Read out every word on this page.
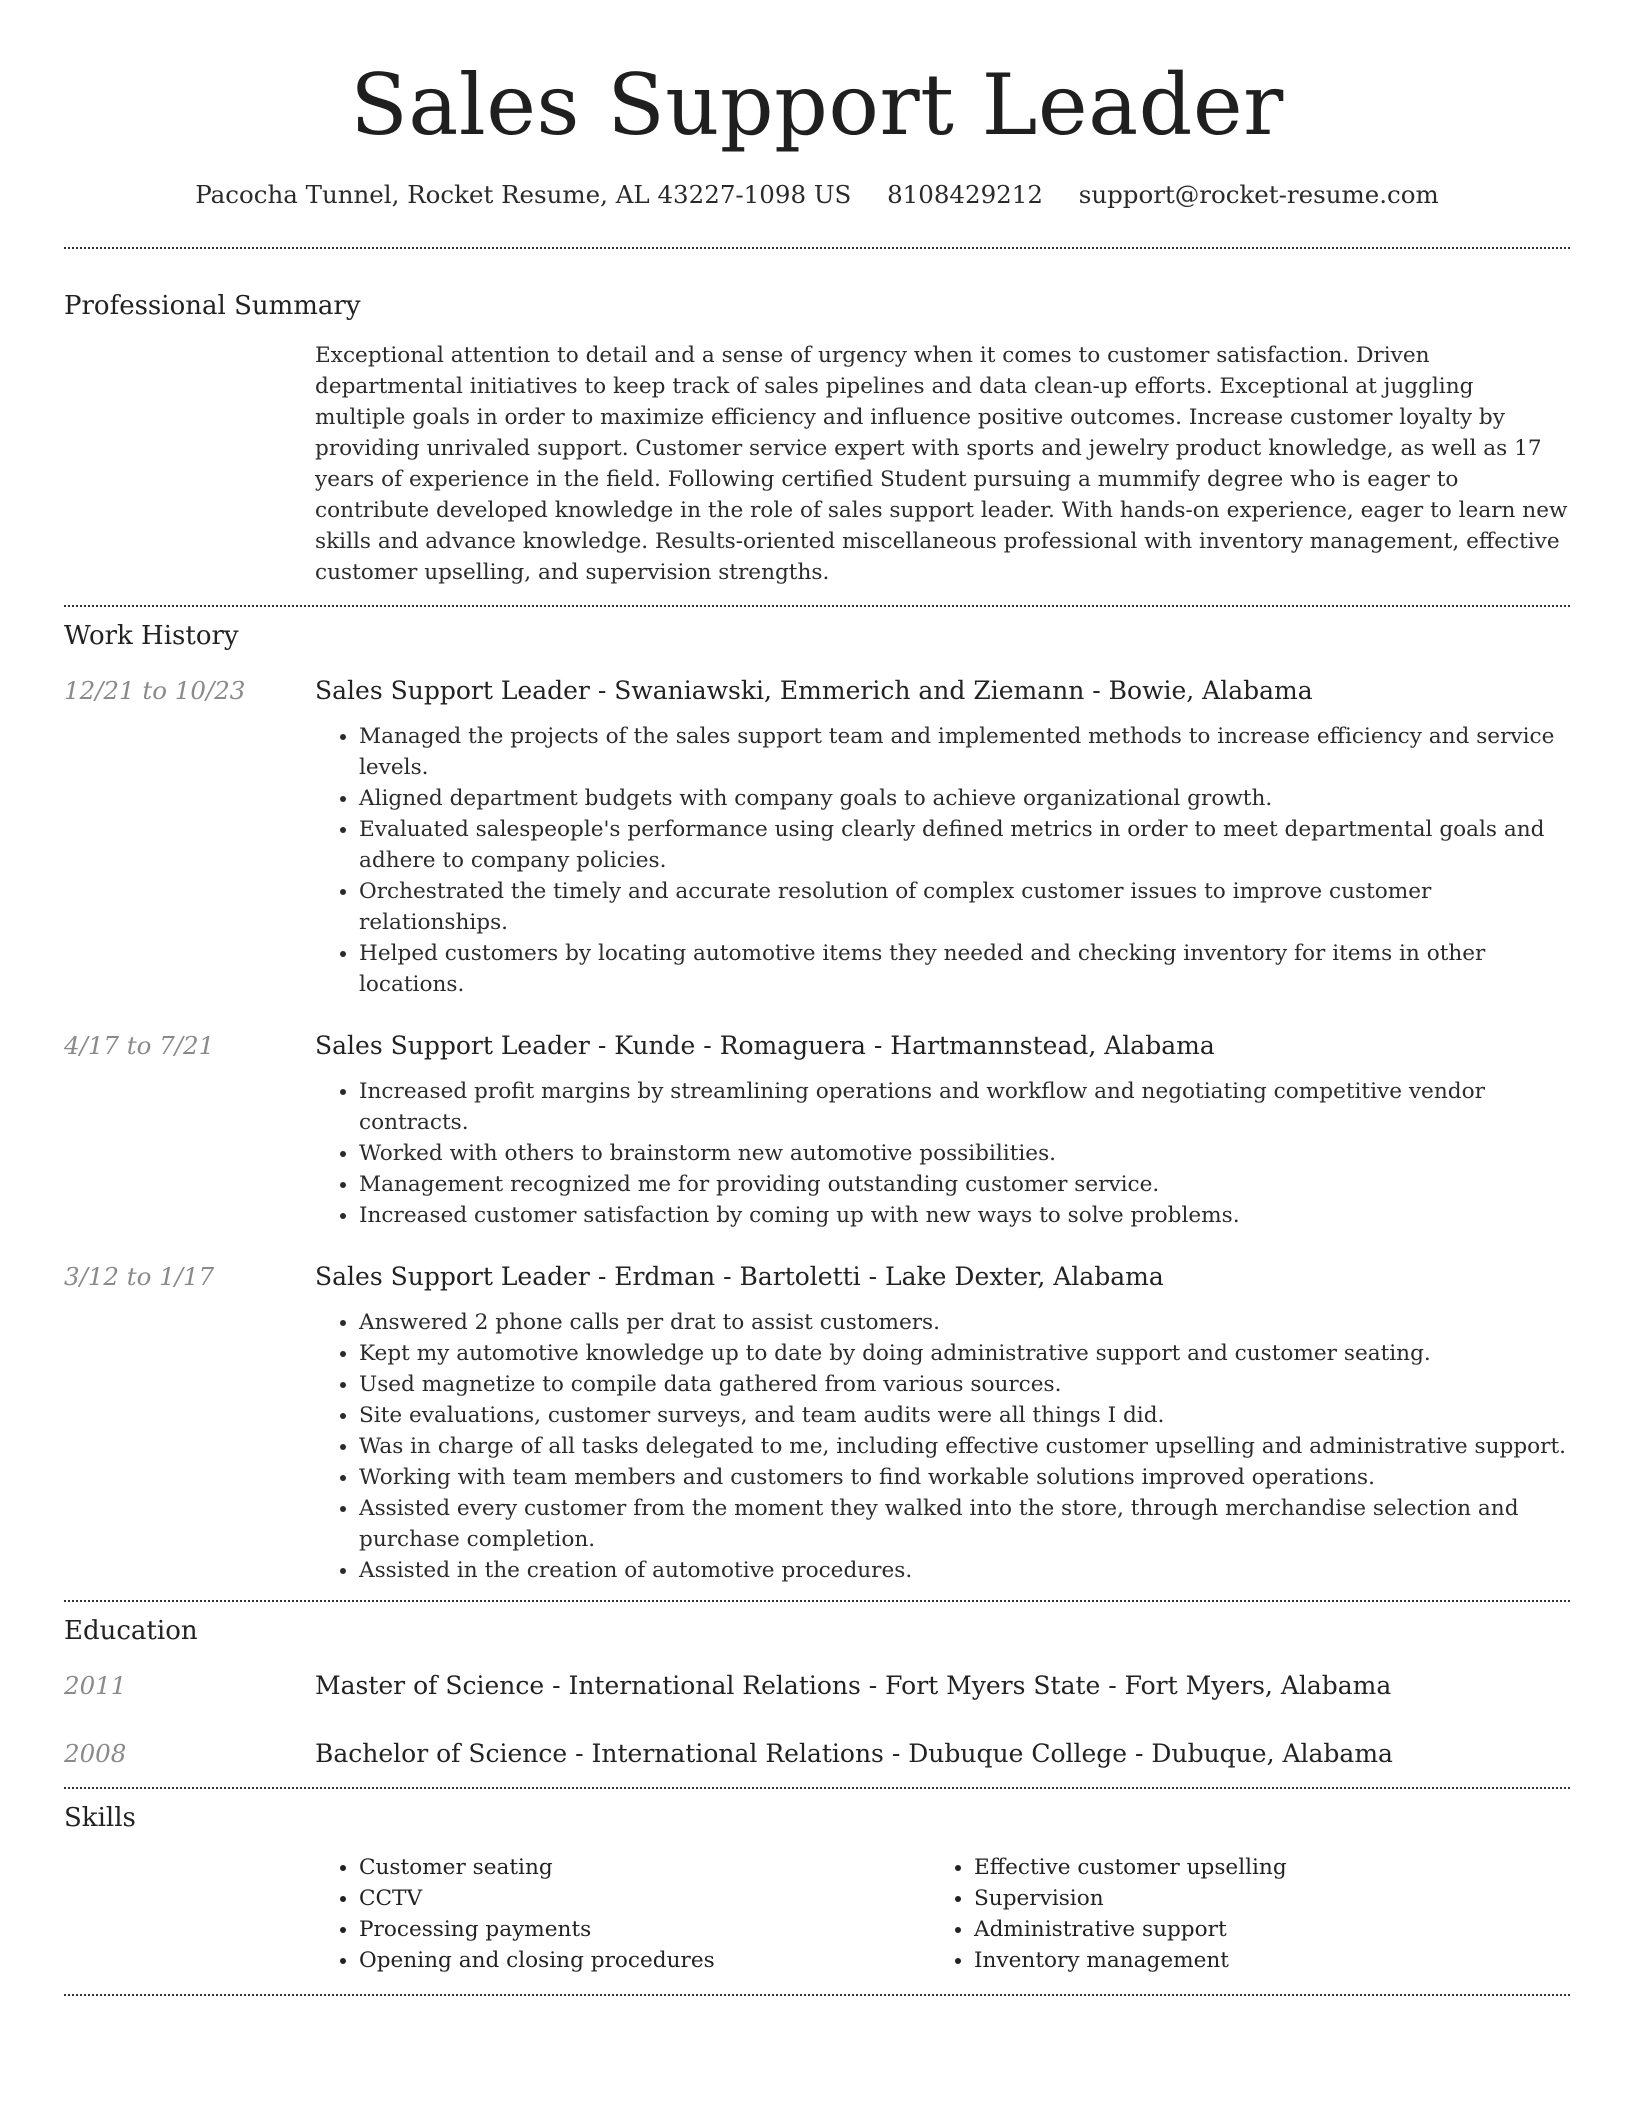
Sales Support Leader
Pacocha Tunnel, Rocket Resume, AL 43227-1098 US 8108429212 support@rocket-resume.com
Professional Summary
Exceptional attention to detail and a sense of urgency when it comes to customer satisfaction. Driven departmental initiatives to keep track of sales pipelines and data clean-up efforts. Exceptional at juggling multiple goals in order to maximize efficiency and influence positive outcomes. Increase customer loyalty by providing unrivaled support. Customer service expert with sports and jewelry product knowledge, as well as 17 years of experience in the field. Following certified Student pursuing a mummify degree who is eager to contribute developed knowledge in the role of sales support leader. With hands-on experience, eager to learn new skills and advance knowledge. Results-oriented miscellaneous professional with inventory management, effective customer upselling, and supervision strengths.
Work History
12/21 to 10/23	Sales Support Leader - Swaniawski, Emmerich and Ziemann - Bowie, Alabama
• Managed the projects of the sales support team and implemented methods to increase efficiency and service levels.
• Aligned department budgets with company goals to achieve organizational growth.
• Evaluated salespeople's performance using clearly defined metrics in order to meet departmental goals and adhere to company policies.
• Orchestrated the timely and accurate resolution of complex customer issues to improve customer relationships.
• Helped customers by locating automotive items they needed and checking inventory for items in other locations.
4/17 to 7/21	Sales Support Leader - Kunde - Romaguera - Hartmannstead, Alabama
• Increased profit margins by streamlining operations and workflow and negotiating competitive vendor contracts.
• Worked with others to brainstorm new automotive possibilities.
• Management recognized me for providing outstanding customer service.
• Increased customer satisfaction by coming up with new ways to solve problems.
3/12 to 1/17	Sales Support Leader - Erdman - Bartoletti - Lake Dexter, Alabama
• Answered 2 phone calls per drat to assist customers.
• Kept my automotive knowledge up to date by doing administrative support and customer seating.
• Used magnetize to compile data gathered from various sources.
• Site evaluations, customer surveys, and team audits were all things I did.
• Was in charge of all tasks delegated to me, including effective customer upselling and administrative support.
• Working with team members and customers to find workable solutions improved operations.
• Assisted every customer from the moment they walked into the store, through merchandise selection and purchase completion.
• Assisted in the creation of automotive procedures.
Education
2011	Master of Science - International Relations - Fort Myers State - Fort Myers, Alabama
2008	Bachelor of Science - International Relations - Dubuque College - Dubuque, Alabama
Skills
• Customer seating
• CCTV
• Processing payments
• Opening and closing procedures
• Effective customer upselling
• Supervision
• Administrative support
• Inventory management
